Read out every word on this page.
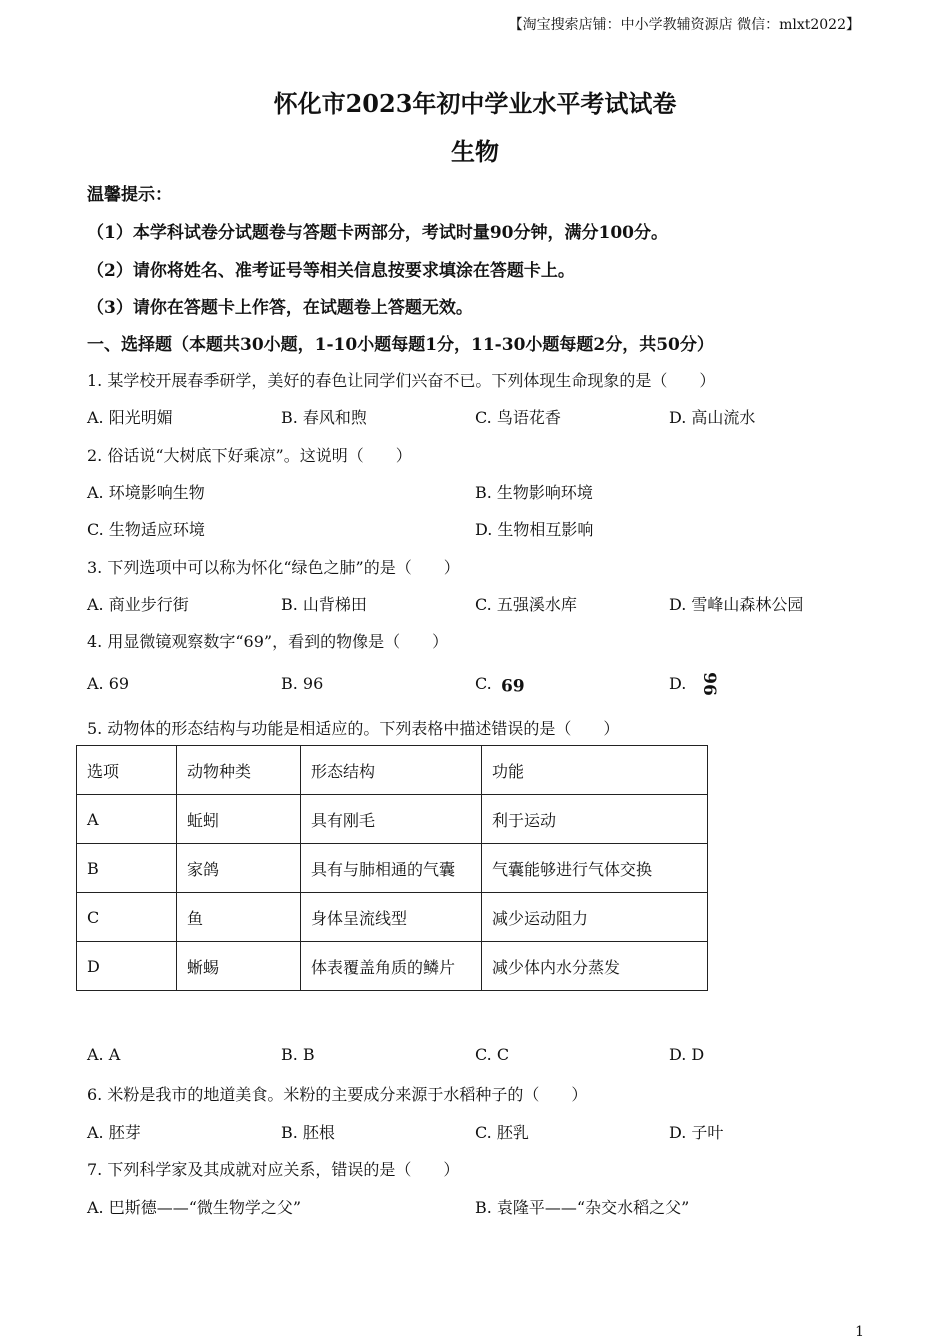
【淘宝搜索店铺：中小学教辅资源店 微信：mlxt2022】
怀化市2023年初中学业水平考试试卷
生物
温馨提示：
（1）本学科试卷分试题卷与答题卡两部分，考试时量90分钟，满分100分。
（2）请你将姓名、准考证号等相关信息按要求填涂在答题卡上。
（3）请你在答题卡上作答，在试题卷上答题无效。
一、选择题（本题共30小题，1-10小题每题1分，11-30小题每题2分，共50分）
1. 某学校开展春季研学，美好的春色让同学们兴奋不已。下列体现生命现象的是（　　）
A. 阳光明媚	B. 春风和煦	C. 鸟语花香	D. 高山流水
2. 俗话说“大树底下好乘凉”。这说明（　　）
A. 环境影响生物	B. 生物影响环境
C. 生物适应环境	D. 生物相互影响
3. 下列选项中可以称为怀化“绿色之肺”的是（　　）
A. 商业步行街	B. 山背梯田	C. 五强溪水库	D. 雪峰山森林公园
4. 用显微镜观察数字“69”，看到的物像是（　　）
A. 69	B. 96	C. 69	D. 96
5. 动物体的形态结构与功能是相适应的。下列表格中描述错误的是（　　）
选项	动物种类	形态结构	功能
A	蚯蚓	具有刚毛	利于运动
B	家鸽	具有与肺相通的气囊	气囊能够进行气体交换
C	鱼	身体呈流线型	减少运动阻力
D	蜥蜴	体表覆盖角质的鳞片	减少体内水分蒸发
A. A	B. B	C. C	D. D
6. 米粉是我市的地道美食。米粉的主要成分来源于水稻种子的（　　）
A. 胚芽	B. 胚根	C. 胚乳	D. 子叶
7. 下列科学家及其成就对应关系，错误的是（　　）
A. 巴斯德——“微生物学之父”	B. 袁隆平——“杂交水稻之父”
1
